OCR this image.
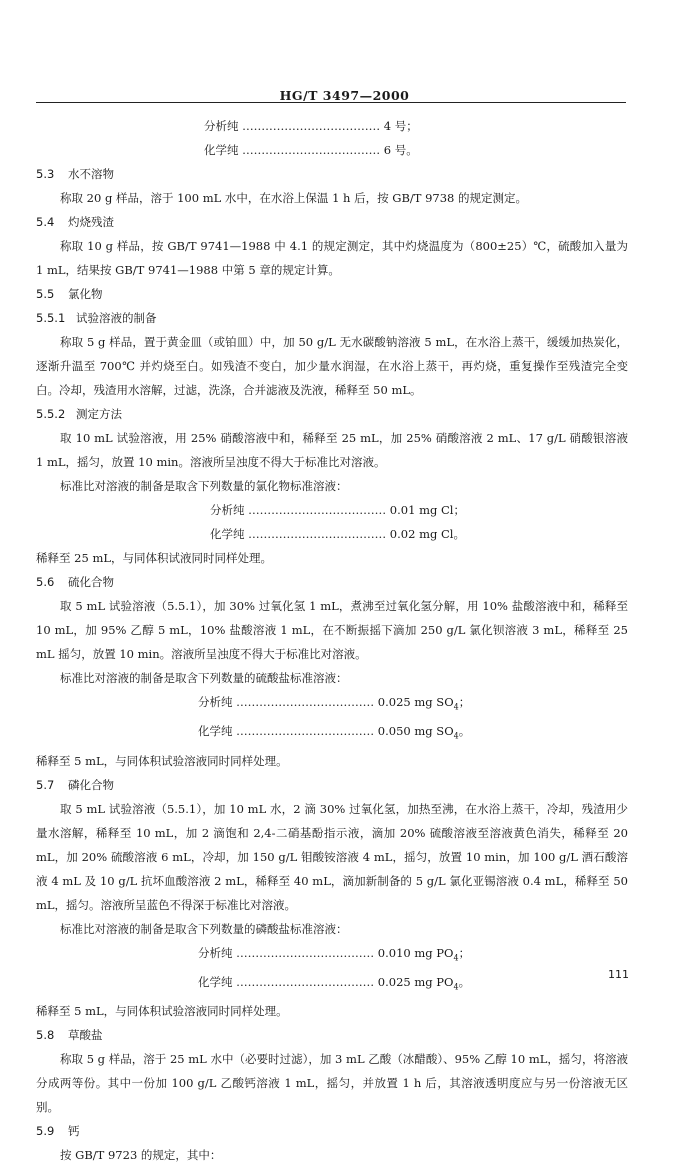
HG/T 3497—2000

分析纯 ……………………………… 4 号；

化学纯 ……………………………… 6 号。

5.3 水不溶物

称取 20 g 样品，溶于 100 mL 水中，在水浴上保温 1 h 后，按 GB/T 9738 的规定测定。

5.4 灼烧残渣

称取 10 g 样品，按 GB/T 9741—1988 中 4.1 的规定测定，其中灼烧温度为（800±25）℃，硫酸加入量为 1 mL，结果按 GB/T 9741—1988 中第 5 章的规定计算。

5.5 氯化物

5.5.1 试验溶液的制备

称取 5 g 样品，置于黄金皿（或铂皿）中，加 50 g/L 无水碳酸钠溶液 5 mL，在水浴上蒸干，缓缓加热炭化，逐渐升温至 700℃ 并灼烧至白。如残渣不变白，加少量水润湿，在水浴上蒸干，再灼烧，重复操作至残渣完全变白。冷却，残渣用水溶解，过滤，洗涤，合并滤液及洗液，稀释至 50 mL。

5.5.2 测定方法

取 10 mL 试验溶液，用 25% 硝酸溶液中和，稀释至 25 mL，加 25% 硝酸溶液 2 mL、17 g/L 硝酸银溶液 1 mL，摇匀，放置 10 min。溶液所呈浊度不得大于标准比对溶液。

标准比对溶液的制备是取含下列数量的氯化物标准溶液：

分析纯 ……………………………… 0.01 mg Cl；

化学纯 ……………………………… 0.02 mg Cl。

稀释至 25 mL，与同体积试液同时同样处理。

5.6 硫化合物

取 5 mL 试验溶液（5.5.1），加 30% 过氧化氢 1 mL，煮沸至过氧化氢分解，用 10% 盐酸溶液中和，稀释至 10 mL，加 95% 乙醇 5 mL，10% 盐酸溶液 1 mL，在不断振摇下滴加 250 g/L 氯化钡溶液 3 mL，稀释至 25 mL 摇匀，放置 10 min。溶液所呈浊度不得大于标准比对溶液。

标准比对溶液的制备是取含下列数量的硫酸盐标准溶液：

分析纯 ……………………………… 0.025 mg $SO_4$；

化学纯 ……………………………… 0.050 mg $SO_4$。

稀释至 5 mL，与同体积试验溶液同时同样处理。

5.7 磷化合物

取 5 mL 试验溶液（5.5.1），加 10 mL 水，2 滴 30% 过氧化氢，加热至沸，在水浴上蒸干，冷却，残渣用少量水溶解，稀释至 10 mL，加 2 滴饱和 2,4-二硝基酚指示液，滴加 20% 硫酸溶液至溶液黄色消失，稀释至 20 mL，加 20% 硫酸溶液 6 mL，冷却，加 150 g/L 钼酸铵溶液 4 mL，摇匀，放置 10 min，加 100 g/L 酒石酸溶液 4 mL 及 10 g/L 抗坏血酸溶液 2 mL，稀释至 40 mL，滴加新制备的 5 g/L 氯化亚锡溶液 0.4 mL，稀释至 50 mL，摇匀。溶液所呈蓝色不得深于标准比对溶液。

标准比对溶液的制备是取含下列数量的磷酸盐标准溶液：

分析纯 ……………………………… 0.010 mg $PO_4$；

化学纯 ……………………………… 0.025 mg $PO_4$。

稀释至 5 mL，与同体积试验溶液同时同样处理。

5.8 草酸盐

称取 5 g 样品，溶于 25 mL 水中（必要时过滤），加 3 mL 乙酸（冰醋酸）、95% 乙醇 10 mL，摇匀，将溶液分成两等份。其中一份加 100 g/L 乙酸钙溶液 1 mL，摇匀，并放置 1 h 后，其溶液透明度应与另一份溶液无区别。

5.9 钙

按 GB/T 9723 的规定，其中：

111
